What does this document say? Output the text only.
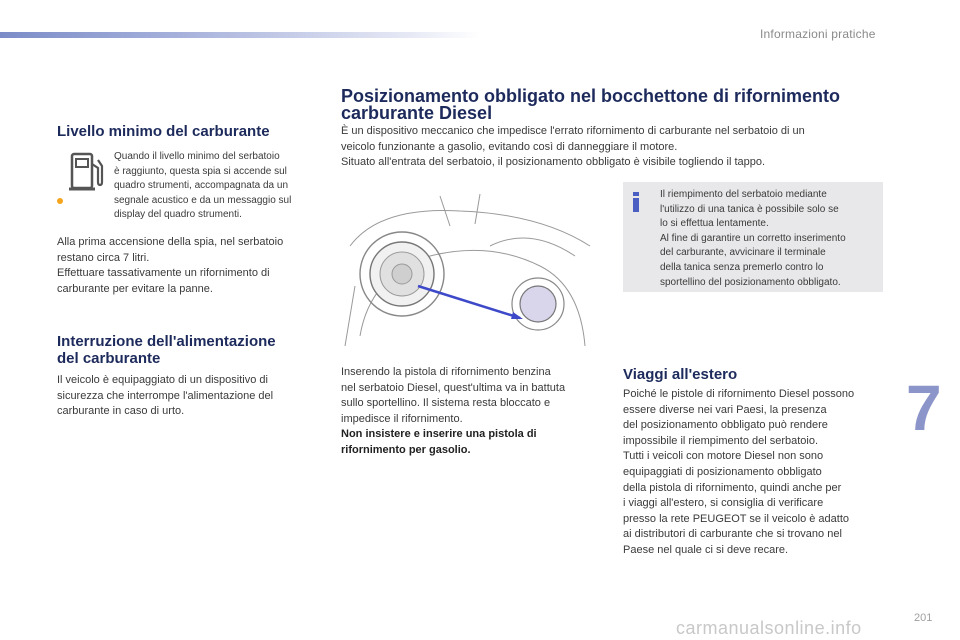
Informazioni pratiche
Livello minimo del carburante

Quando il livello minimo del serbatoio

è raggiunto, questa spia si accende sul

quadro strumenti, accompagnata da un

segnale acustico e da un messaggio sul

display del quadro strumenti.

Alla prima accensione della spia, nel serbatoio

restano circa 7 litri.

Effettuare tassativamente un rifornimento di

carburante per evitare la panne.

Interruzione dell'alimentazione
del carburante

Il veicolo è equipaggiato di un dispositivo di

sicurezza che interrompe l'alimentazione del

carburante in caso di urto.

Posizionamento obbligato nel bocchettone di rifornimento
carburante Diesel

È un dispositivo meccanico che impedisce l'errato rifornimento di carburante nel serbatoio di un

veicolo funzionante a gasolio, evitando così di danneggiare il motore.

Situato all'entrata del serbatoio, il posizionamento obbligato è visibile togliendo il tappo.

Il riempimento del serbatoio mediante

l'utilizzo di una tanica è possibile solo se

lo si effettua lentamente.

Al fine di garantire un corretto inserimento

del carburante, avvicinare il terminale

della tanica senza premerlo contro lo

sportellino del posizionamento obbligato.

Inserendo la pistola di rifornimento benzina

nel serbatoio Diesel, quest'ultima va in battuta

sullo sportellino. Il sistema resta bloccato e

impedisce il rifornimento.

Non insistere e inserire una pistola di

rifornimento per gasolio.

Viaggi all'estero

Poiché le pistole di rifornimento Diesel possono

essere diverse nei vari Paesi, la presenza

del posizionamento obbligato può rendere

impossibile il riempimento del serbatoio.

Tutti i veicoli con motore Diesel non sono

equipaggiati di posizionamento obbligato

della pistola di rifornimento, quindi anche per

i viaggi all'estero, si consiglia di verificare

presso la rete PEUGEOT se il veicolo è adatto

ai distributori di carburante che si trovano nel

Paese nel quale ci si deve recare.

7
201
carmanualsonline.info
